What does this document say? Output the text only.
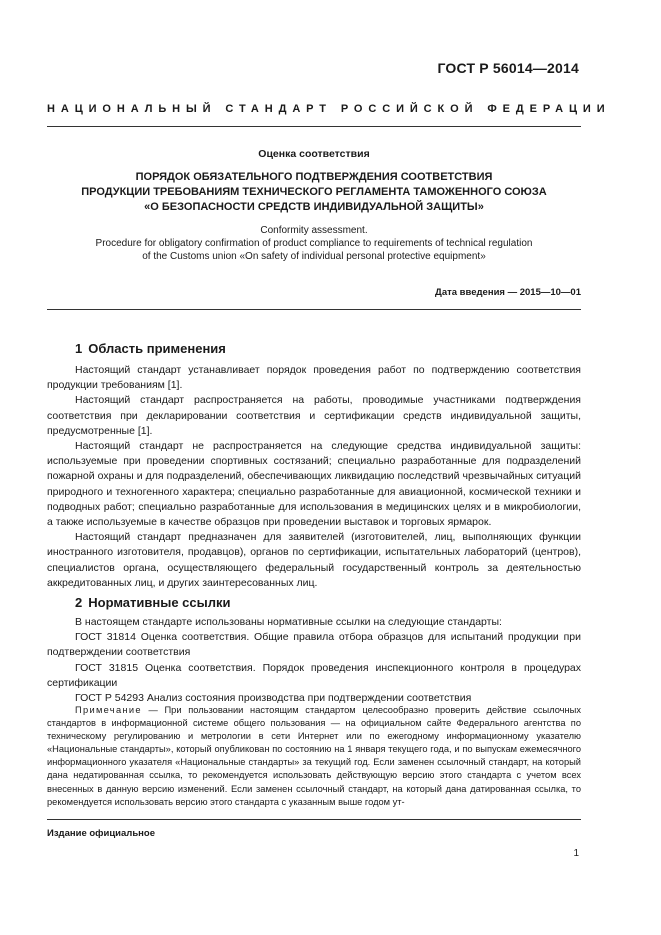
ГОСТ Р 56014—2014
НАЦИОНАЛЬНЫЙ СТАНДАРТ РОССИЙСКОЙ ФЕДЕРАЦИИ
Оценка соответствия
ПОРЯДОК ОБЯЗАТЕЛЬНОГО ПОДТВЕРЖДЕНИЯ СООТВЕТСТВИЯ
ПРОДУКЦИИ ТРЕБОВАНИЯМ ТЕХНИЧЕСКОГО РЕГЛАМЕНТА ТАМОЖЕННОГО СОЮЗА
«О БЕЗОПАСНОСТИ СРЕДСТВ ИНДИВИДУАЛЬНОЙ ЗАЩИТЫ»
Conformity assessment.
Procedure for obligatory confirmation of product compliance to requirements of technical regulation
of the Customs union «On safety of individual personal protective equipment»
Дата введения — 2015—10—01
1 Область применения

Настоящий стандарт устанавливает порядок проведения работ по подтверждению соответствия продукции требованиям [1].

Настоящий стандарт распространяется на работы, проводимые участниками подтверждения соответствия при декларировании соответствия и сертификации средств индивидуальной защиты, предусмотренные [1].

Настоящий стандарт не распространяется на следующие средства индивидуальной защиты: используемые при проведении спортивных состязаний; специально разработанные для подразделений пожарной охраны и для подразделений, обеспечивающих ликвидацию последствий чрезвычайных ситуаций природного и техногенного характера; специально разработанные для авиационной, космической техники и подводных работ; специально разработанные для использования в медицинских целях и в микробиологии, а также используемые в качестве образцов при проведении выставок и торговых ярмарок.

Настоящий стандарт предназначен для заявителей (изготовителей, лиц, выполняющих функции иностранного изготовителя, продавцов), органов по сертификации, испытательных лабораторий (центров), специалистов органа, осуществляющего федеральный государственный контроль за деятельностью аккредитованных лиц, и других заинтересованных лиц.

2 Нормативные ссылки

В настоящем стандарте использованы нормативные ссылки на следующие стандарты:

ГОСТ 31814 Оценка соответствия. Общие правила отбора образцов для испытаний продукции при подтверждении соответствия

ГОСТ 31815 Оценка соответствия. Порядок проведения инспекционного контроля в процедурах сертификации

ГОСТ Р 54293 Анализ состояния производства при подтверждении соответствия

Примечание — При пользовании настоящим стандартом целесообразно проверить действие ссылочных стандартов в информационной системе общего пользования — на официальном сайте Федерального агентства по техническому регулированию и метрологии в сети Интернет или по ежегодному информационному указателю «Национальные стандарты», который опубликован по состоянию на 1 января текущего года, и по выпускам ежемесячного информационного указателя «Национальные стандарты» за текущий год. Если заменен ссылочный стандарт, на который дана недатированная ссылка, то рекомендуется использовать действующую версию этого стандарта с учетом всех внесенных в данную версию изменений. Если заменен ссылочный стандарт, на который дана датированная ссылка, то рекомендуется использовать версию этого стандарта с указанным выше годом ут-
Издание официальное
1
